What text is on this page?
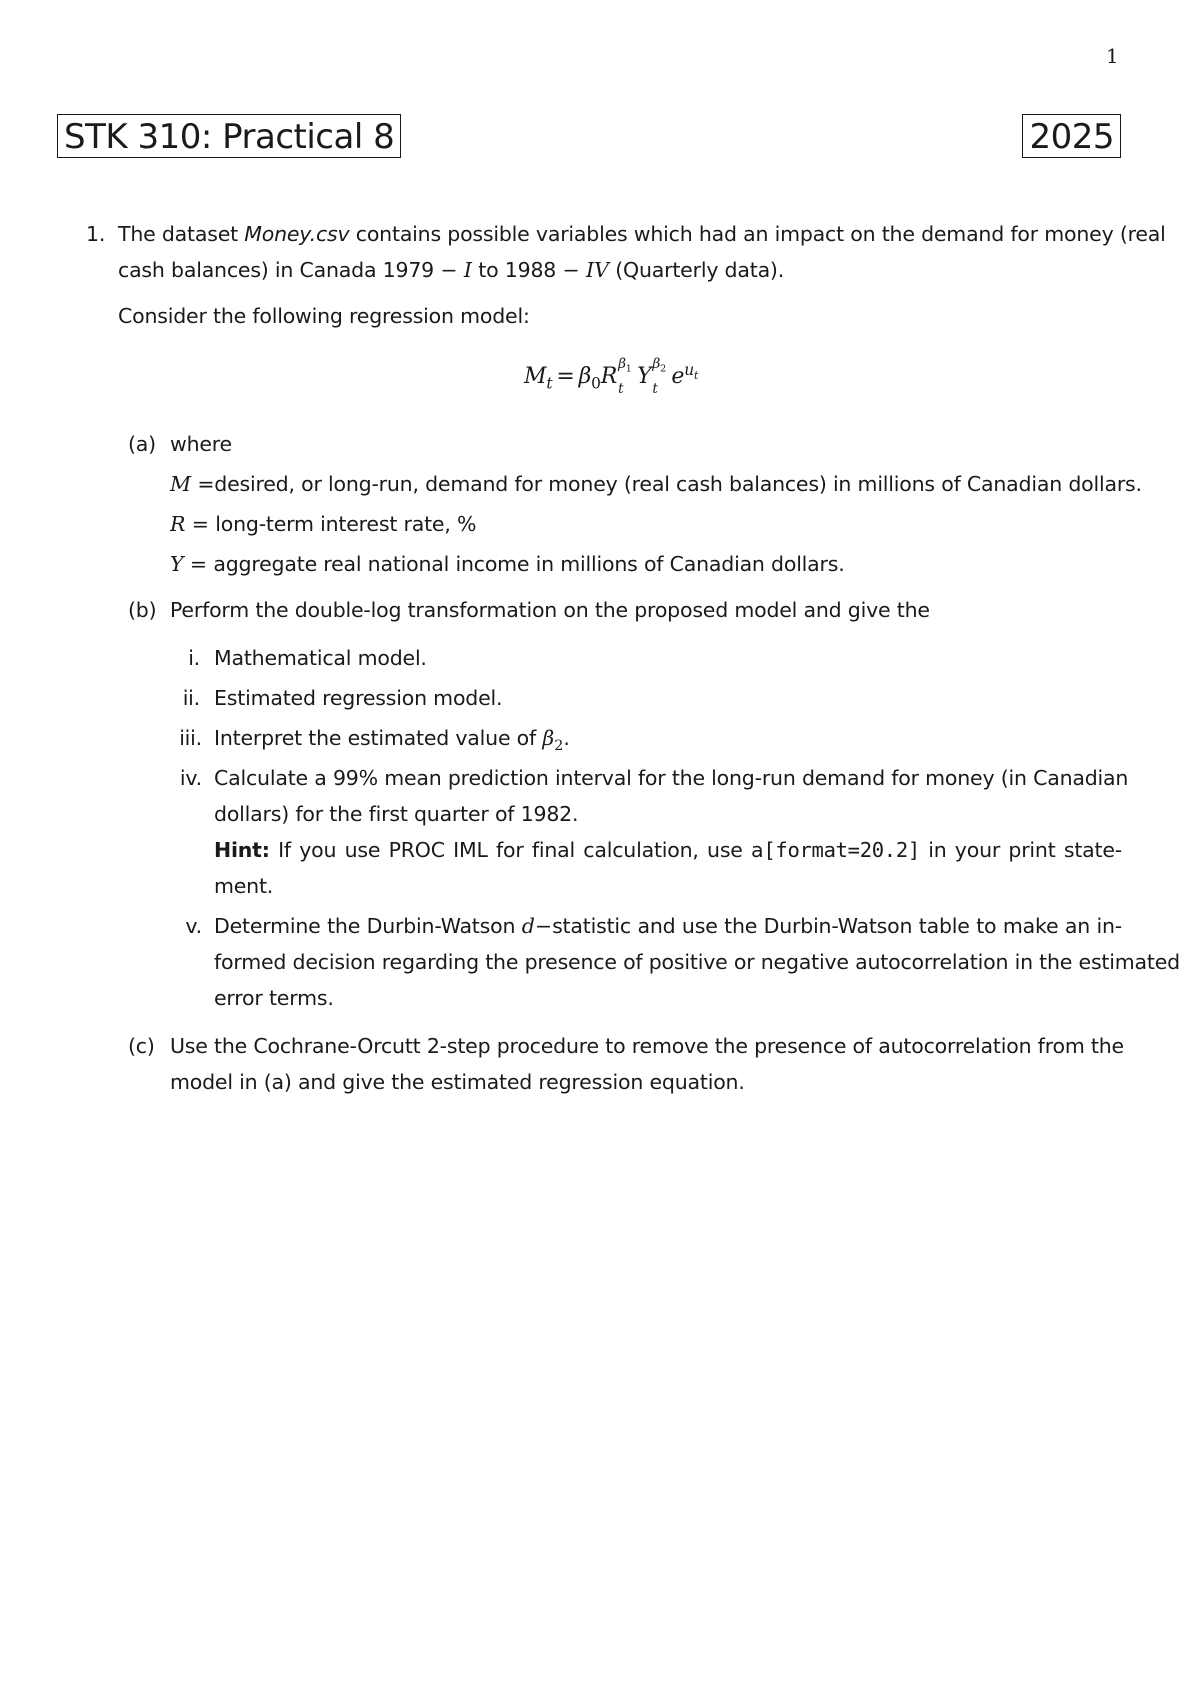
1
STK 310: Practical 8	2025
1. The dataset Money.csv contains possible variables which had an impact on the demand for money (real
cash balances) in Canada 1979 − I to 1988 − IV (Quarterly data).
Consider the following regression model:
$M_t = \beta_0R$ $\beta_1$
t Y $\beta_2$
t $e^{u_t}$
(a) where
M =desired, or long-run, demand for money (real cash balances) in millions of Canadian dollars.
R = long-term interest rate, %
Y = aggregate real national income in millions of Canadian dollars.
(b) Perform the double-log transformation on the proposed model and give the
i. Mathematical model.
ii. Estimated regression model.
iii. Interpret the estimated value of $\beta_2$.
iv. Calculate a 99% mean prediction interval for the long-run demand for money (in Canadian
dollars) for the first quarter of 1982.
Hint: If you use PROC IML for final calculation, use a[format=20.2] in your print state-
ment.
v. Determine the Durbin-Watson d−statistic and use the Durbin-Watson table to make an in-
formed decision regarding the presence of positive or negative autocorrelation in the estimated
error terms.
(c) Use the Cochrane-Orcutt 2-step procedure to remove the presence of autocorrelation from the
model in (a) and give the estimated regression equation.
